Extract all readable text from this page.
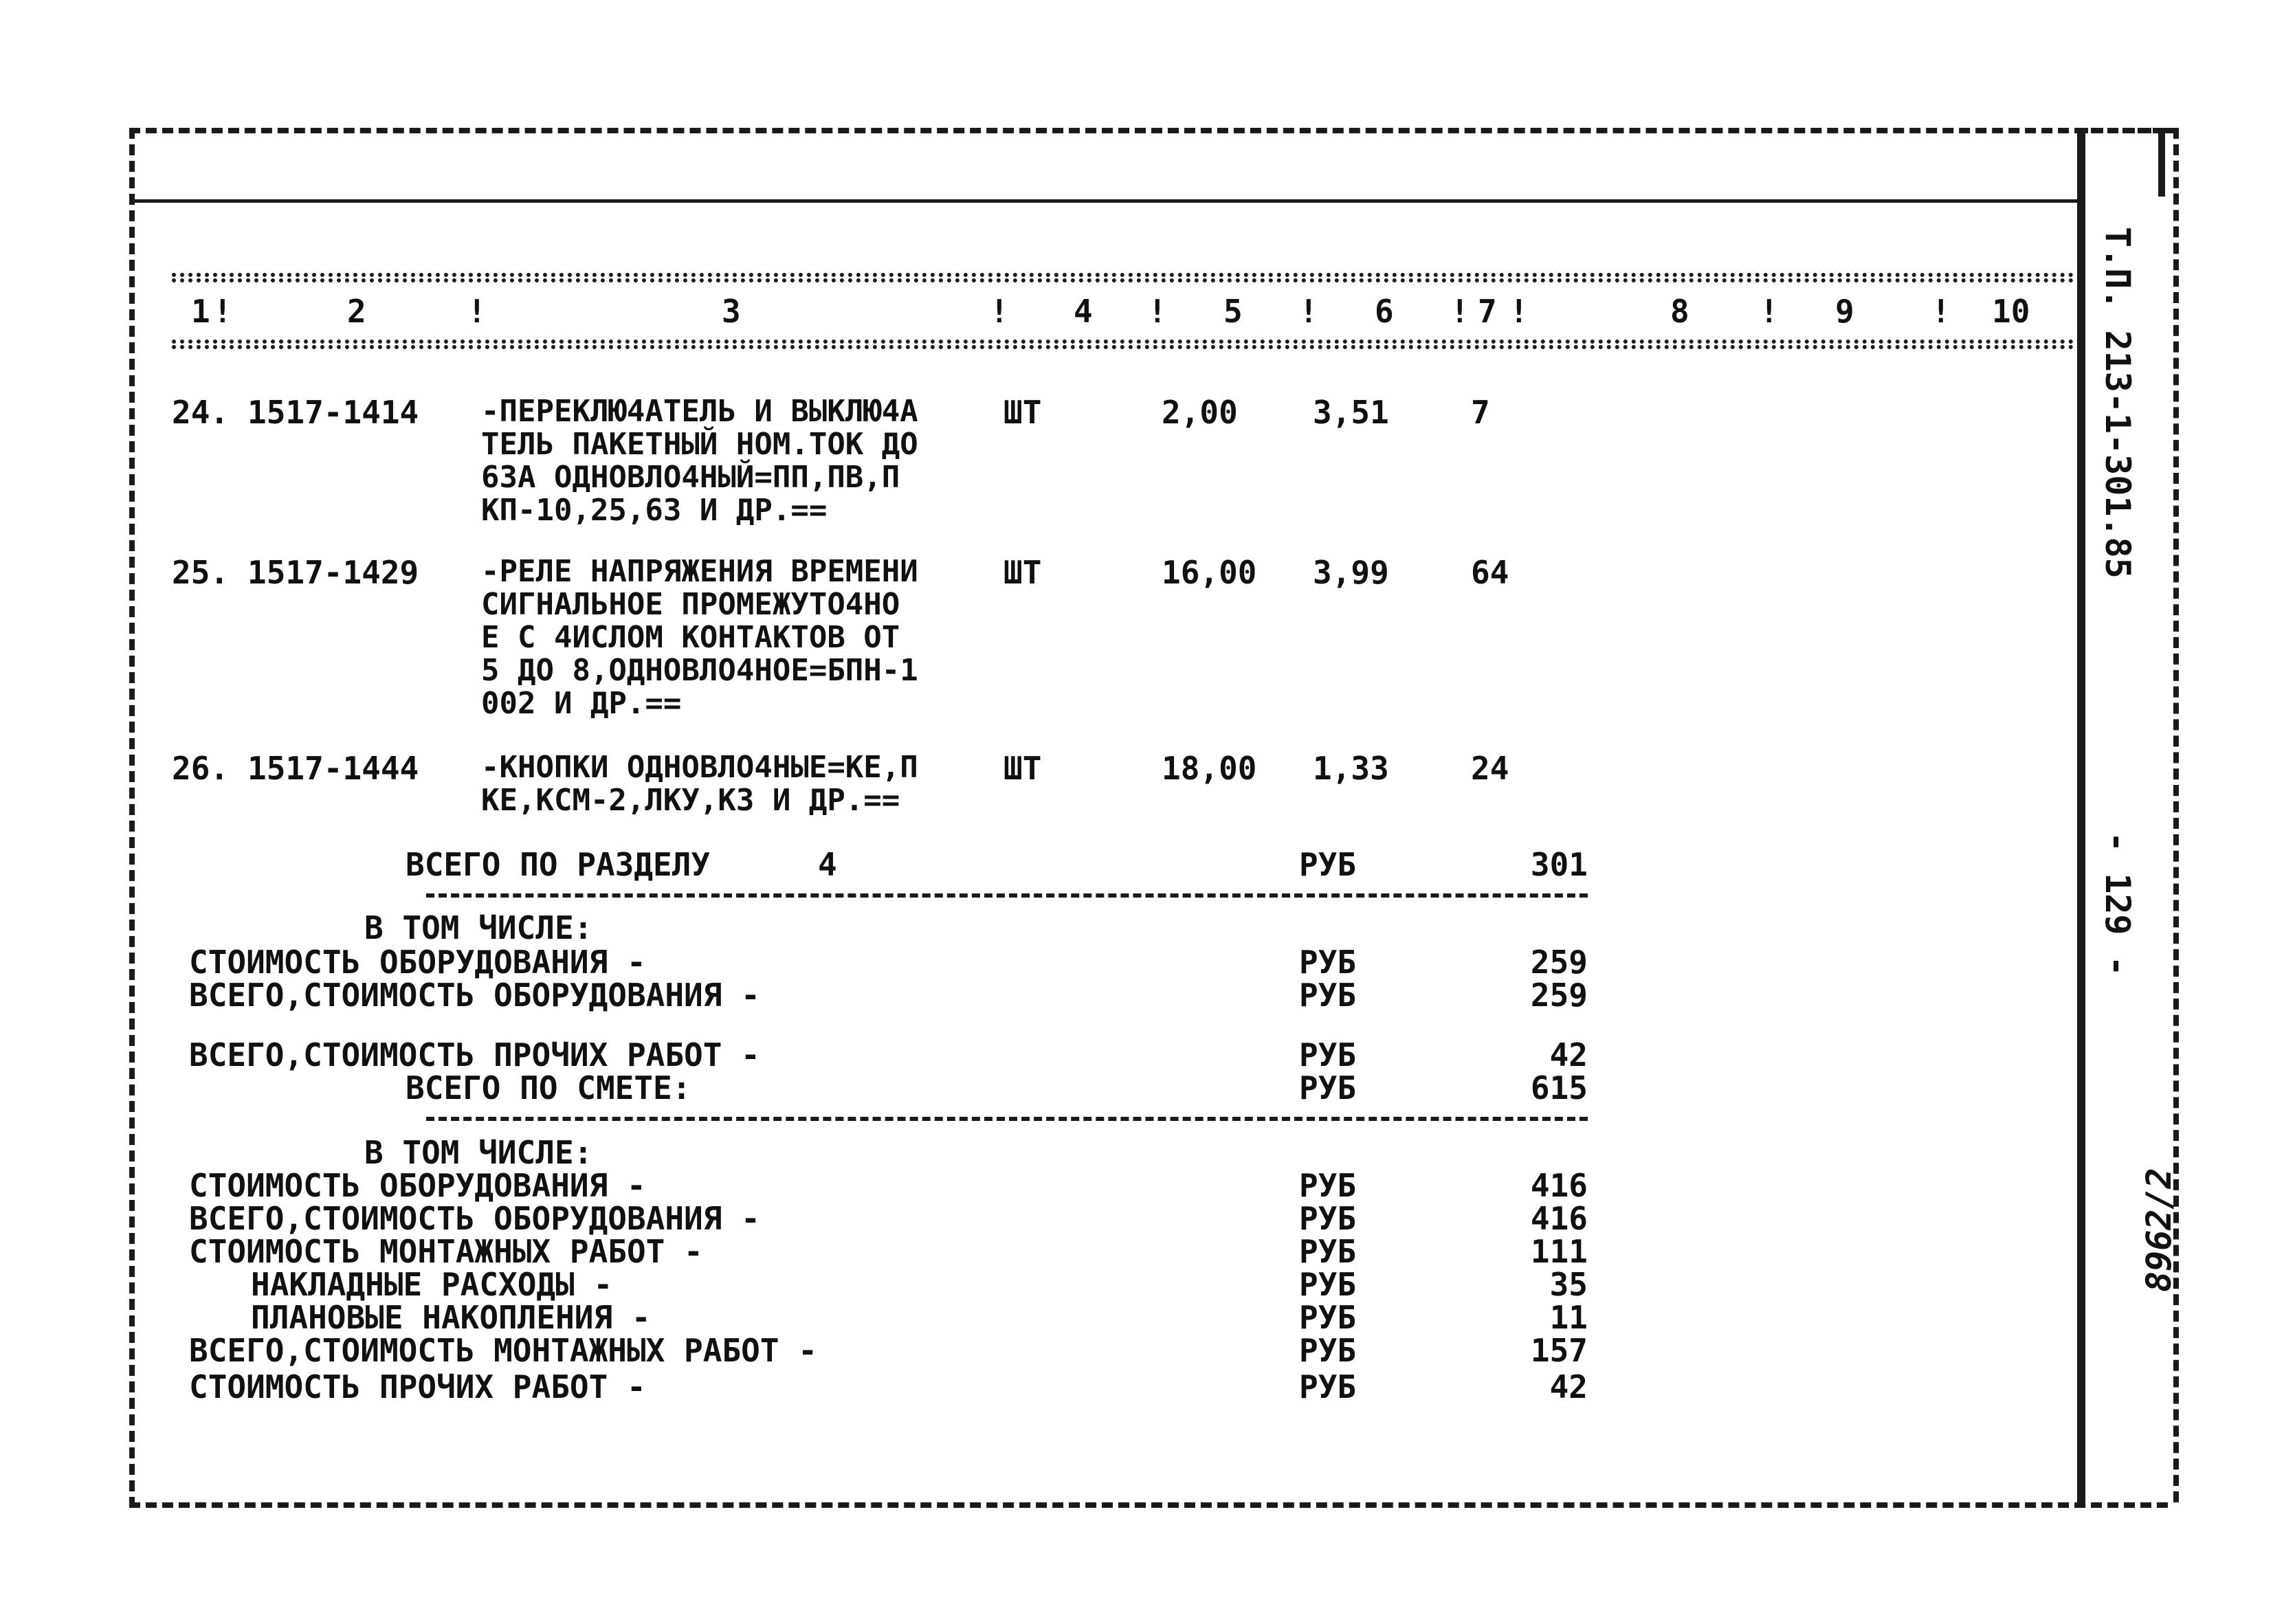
Т.П. 213-1-301.85
- 129 -
8962/2
1 !	2	!	3	! 4 ! 5 ! 6 ! 7 !	8 ! 9 ! 10
24. 1517-1414 -ПЕРЕКЛЮ4АТЕЛЬ И ВЫКЛЮ4А
ТЕЛЬ ПАКЕТНЫЙ НОМ.ТОК ДО
63А ОДНОВЛО4НЫЙ=ПП,ПВ,П
КП-10,25,63 И ДР.==
ШТ	2,00 3,51	7
25. 1517-1429 -РЕЛЕ НАПРЯЖЕНИЯ ВРЕМЕНИ
СИГНАЛЬНОЕ ПРОМЕЖУТО4НО
Е С 4ИСЛОМ КОНТАКТОВ ОТ
5 ДО 8,ОДНОВЛО4НОЕ=БПН-1
002 И ДР.==
ШТ	16,00 3,99	64
26. 1517-1444 -КНОПКИ ОДНОВЛО4НЫЕ=КЕ,П
КЕ,КСМ-2,ЛКУ,КЗ И ДР.==
ШТ	18,00 1,33	24
ВСЕГО ПО РАЗДЕЛУ	4	РУБ	301
В ТОМ ЧИСЛЕ:
СТОИМОСТЬ ОБОРУДОВАНИЯ -	РУБ	259
ВСЕГО,СТОИМОСТЬ ОБОРУДОВАНИЯ -	РУБ	259
ВСЕГО,СТОИМОСТЬ ПРОЧИХ РАБОТ -	РУБ	42
ВСЕГО ПО СМЕТЕ:	РУБ	615
В ТОМ ЧИСЛЕ:
СТОИМОСТЬ ОБОРУДОВАНИЯ -	РУБ	416
ВСЕГО,СТОИМОСТЬ ОБОРУДОВАНИЯ -	РУБ	416
СТОИМОСТЬ МОНТАЖНЫХ РАБОТ -	РУБ	111
НАКЛАДНЫЕ РАСХОДЫ -	РУБ	35
ПЛАНОВЫЕ НАКОПЛЕНИЯ -	РУБ	11
ВСЕГО,СТОИМОСТЬ МОНТАЖНЫХ РАБОТ -	РУБ	157
СТОИМОСТЬ ПРОЧИХ РАБОТ -	РУБ	42
